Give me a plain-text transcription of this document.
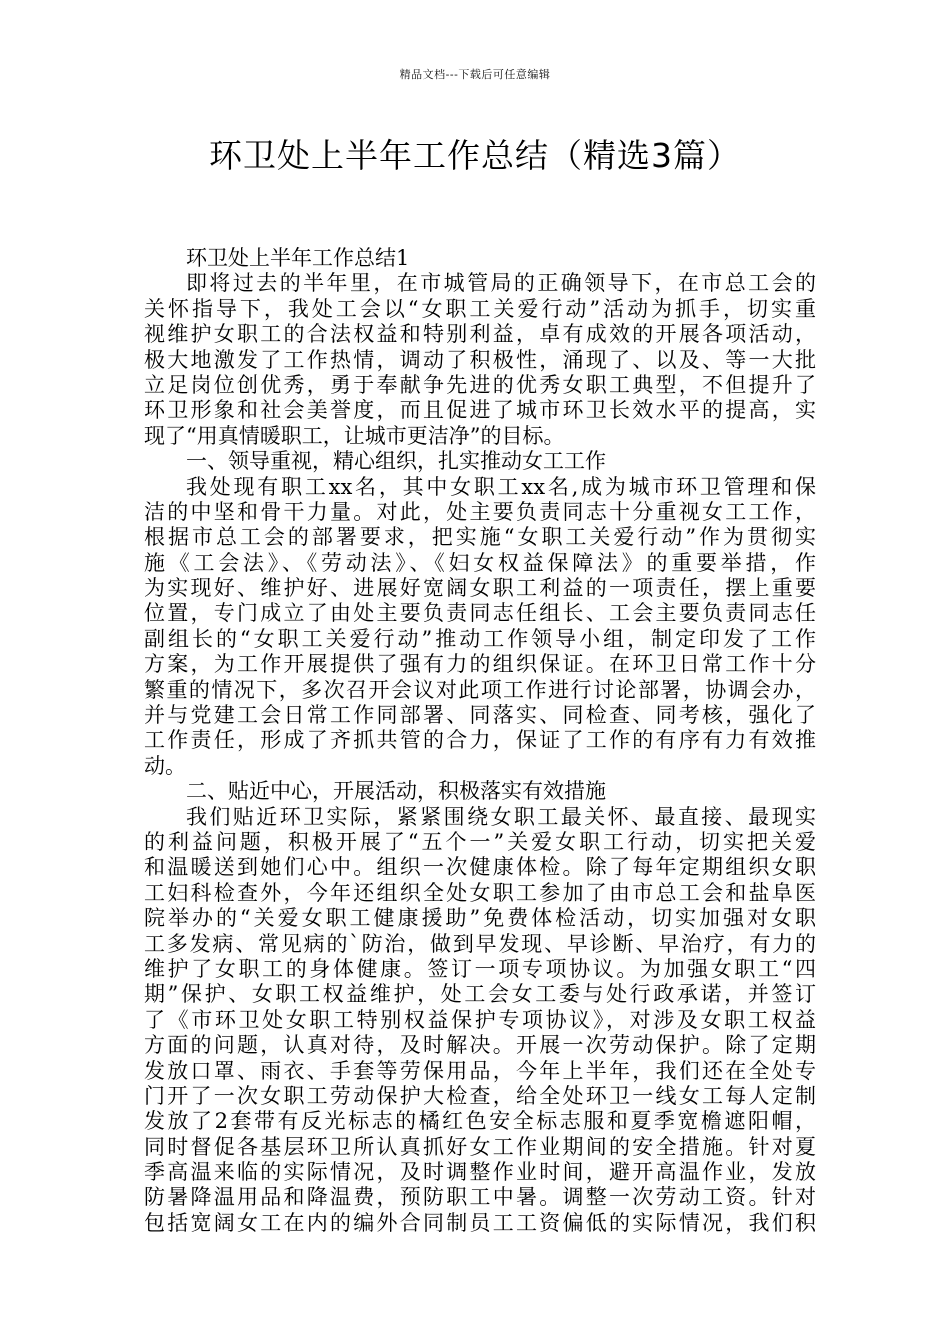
精品文档---下载后可任意编辑
环卫处上半年工作总结（精选3篇）
环卫处上半年工作总结1
即将过去的半年里，在市城管局的正确领导下，在市总工会的
关怀指导下，我处工会以“女职工关爱行动”活动为抓手，切实重
视维护女职工的合法权益和特别利益，卓有成效的开展各项活动，
极大地激发了工作热情，调动了积极性，涌现了、以及、等一大批
立足岗位创优秀，勇于奉献争先进的优秀女职工典型，不但提升了
环卫形象和社会美誉度，而且促进了城市环卫长效水平的提高，实
现了“用真情暖职工，让城市更洁净”的目标。
一、领导重视，精心组织，扎实推动女工工作
我处现有职工xx名，其中女职工xx名,成为城市环卫管理和保
洁的中坚和骨干力量。对此，处主要负责同志十分重视女工工作，
根据市总工会的部署要求，把实施“女职工关爱行动”作为贯彻实
施《工会法》、《劳动法》、《妇女权益保障法》的重要举措，作
为实现好、维护好、进展好宽阔女职工利益的一项责任，摆上重要
位置，专门成立了由处主要负责同志任组长、工会主要负责同志任
副组长的“女职工关爱行动”推动工作领导小组，制定印发了工作
方案，为工作开展提供了强有力的组织保证。在环卫日常工作十分
繁重的情况下，多次召开会议对此项工作进行讨论部署，协调会办，
并与党建工会日常工作同部署、同落实、同检查、同考核，强化了
工作责任，形成了齐抓共管的合力，保证了工作的有序有力有效推
动。
二、贴近中心，开展活动，积极落实有效措施
我们贴近环卫实际，紧紧围绕女职工最关怀、最直接、最现实
的利益问题，积极开展了“五个一”关爱女职工行动，切实把关爱
和温暖送到她们心中。组织一次健康体检。除了每年定期组织女职
工妇科检查外，今年还组织全处女职工参加了由市总工会和盐阜医
院举办的“关爱女职工健康援助”免费体检活动，切实加强对女职
工多发病、常见病的`防治，做到早发现、早诊断、早治疗，有力的
维护了女职工的身体健康。签订一项专项协议。为加强女职工“四
期”保护、女职工权益维护，处工会女工委与处行政承诺，并签订
了《市环卫处女职工特别权益保护专项协议》，对涉及女职工权益
方面的问题，认真对待，及时解决。开展一次劳动保护。除了定期
发放口罩、雨衣、手套等劳保用品，今年上半年，我们还在全处专
门开了一次女职工劳动保护大检查，给全处环卫一线女工每人定制
发放了2套带有反光标志的橘红色安全标志服和夏季宽檐遮阳帽，
同时督促各基层环卫所认真抓好女工作业期间的安全措施。针对夏
季高温来临的实际情况，及时调整作业时间，避开高温作业，发放
防暑降温用品和降温费，预防职工中暑。调整一次劳动工资。针对
包括宽阔女工在内的编外合同制员工工资偏低的实际情况，我们积
